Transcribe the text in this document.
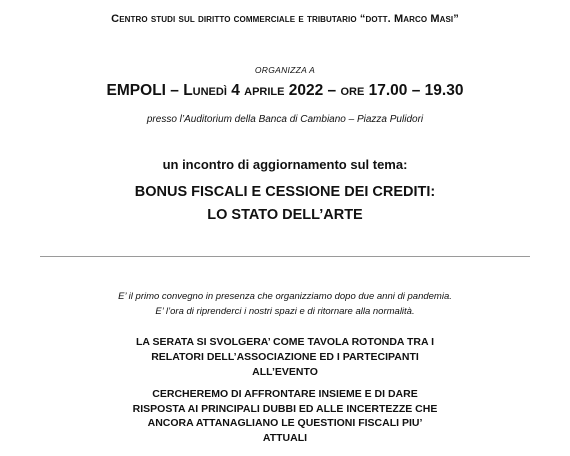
Centro studi sul diritto commerciale e tributario “dott. Marco Masi”
ORGANIZZA A
EMPOLI – Lunedì 4 aprile 2022 – ore 17.00 – 19.30
presso l’Auditorium della Banca di Cambiano – Piazza Pulidori
un incontro di aggiornamento sul tema:
BONUS FISCALI E CESSIONE DEI CREDITI:
LO STATO DELL’ARTE
E’ il primo convegno in presenza che organizziamo dopo due anni di pandemia.
E’ l’ora di riprenderci i nostri spazi e di ritornare alla normalità.
LA SERATA SI SVOLGERA’ COME TAVOLA ROTONDA TRA I
RELATORI DELL’ASSOCIAZIONE ED I PARTECIPANTI
ALL’EVENTO
CERCHEREMO DI AFFRONTARE INSIEME E DI DARE
RISPOSTA AI PRINCIPALI DUBBI ED ALLE INCERTEZZE CHE
ANCORA ATTANAGLIANO LE QUESTIONI FISCALI PIU’
ATTUALI
